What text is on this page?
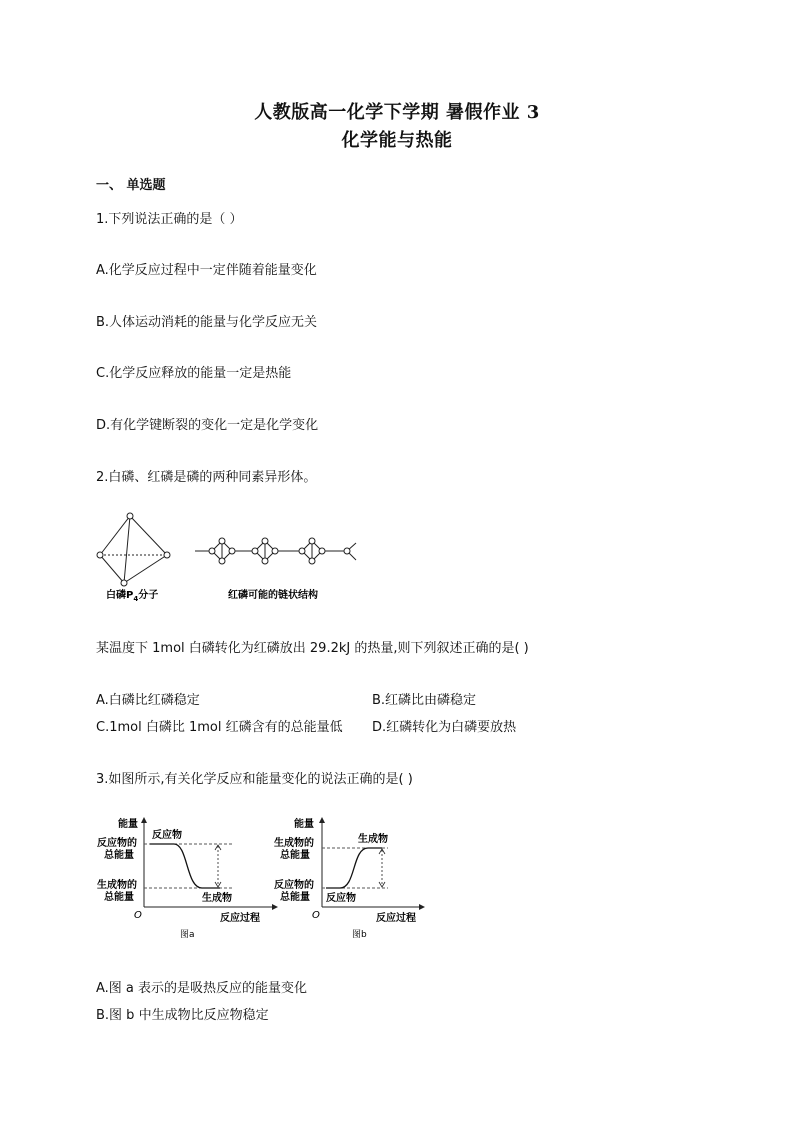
人教版高一化学下学期 暑假作业 3
化学能与热能
一、 单选题
1.下列说法正确的是（ ）
A.化学反应过程中一定伴随着能量变化
B.人体运动消耗的能量与化学反应无关
C.化学反应释放的能量一定是热能
D.有化学键断裂的变化一定是化学变化
2.白磷、红磷是磷的两种同素异形体。
白磷$P_4$分子	红磷可能的链状结构
某温度下 1mol 白磷转化为红磷放出 29.2kJ 的热量,则下列叙述正确的是( )
A.白磷比红磷稳定	B.红磷比由磷稳定
C.1mol 白磷比 1mol 红磷含有的总能量低 D.红磷转化为白磷要放热
3.如图所示,有关化学反应和能量变化的说法正确的是( )
能量
反应物的
总能量
生成物的
总能量
反应物
生成物
O	反应过程
图a
能量
生成物的
总能量
反应物的
总能量
生成物
反应物
O	反应过程
图b
A.图 a 表示的是吸热反应的能量变化
B.图 b 中生成物比反应物稳定
